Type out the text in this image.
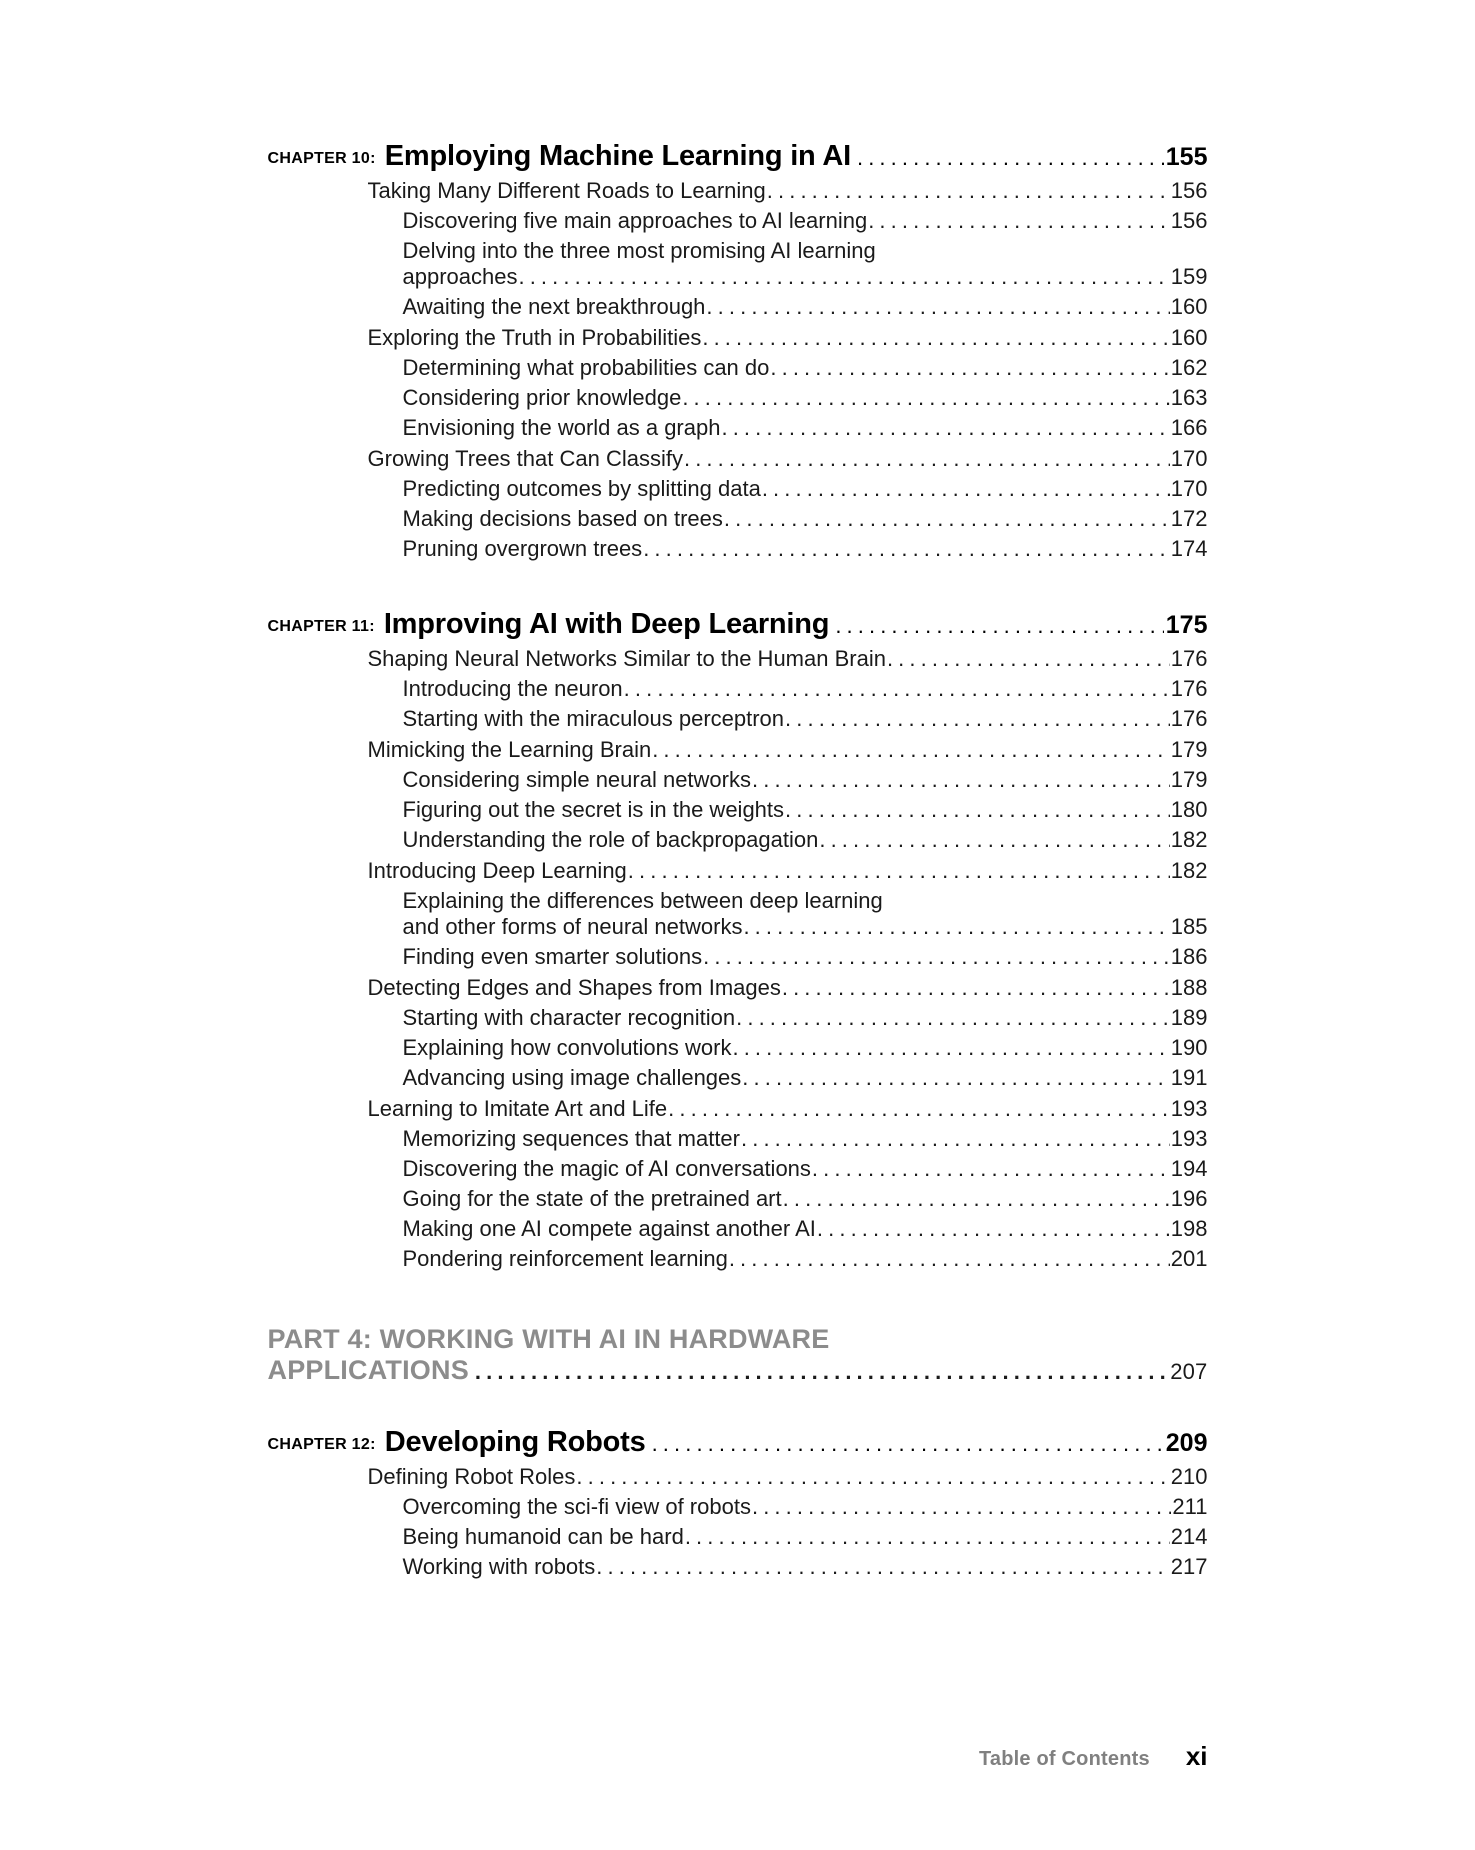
CHAPTER 10: Employing Machine Learning in AI . . .	155
Taking Many Different Roads to Learning . . .	156
Discovering five main approaches to AI learning . . .	156
Delving into the three most promising AI learning
approaches . . .	159
Awaiting the next breakthrough . . .	160
Exploring the Truth in Probabilities . . .	160
Determining what probabilities can do . . .	162
Considering prior knowledge . . .	163
Envisioning the world as a graph . . .	166
Growing Trees that Can Classify . . .	170
Predicting outcomes by splitting data . . .	170
Making decisions based on trees . . .	172
Pruning overgrown trees . . .	174
CHAPTER 11: Improving AI with Deep Learning . . .	175
Shaping Neural Networks Similar to the Human Brain . . .	176
Introducing the neuron . . .	176
Starting with the miraculous perceptron . . .	176
Mimicking the Learning Brain . . .	179
Considering simple neural networks . . .	179
Figuring out the secret is in the weights . . .	180
Understanding the role of backpropagation . . .	182
Introducing Deep Learning . . .	182
Explaining the differences between deep learning
and other forms of neural networks . . .	185
Finding even smarter solutions . . .	186
Detecting Edges and Shapes from Images . . .	188
Starting with character recognition . . .	189
Explaining how convolutions work . . .	190
Advancing using image challenges . . .	191
Learning to Imitate Art and Life . . .	193
Memorizing sequences that matter . . .	193
Discovering the magic of AI conversations . . .	194
Going for the state of the pretrained art . . .	196
Making one AI compete against another AI . . .	198
Pondering reinforcement learning . . .	201
PART 4: WORKING WITH AI IN HARDWARE
APPLICATIONS . . .	207
CHAPTER 12: Developing Robots . . .	209
Defining Robot Roles . . .	210
Overcoming the sci-fi view of robots . . .	211
Being humanoid can be hard . . .	214
Working with robots . . .	217
Table of Contents xi
